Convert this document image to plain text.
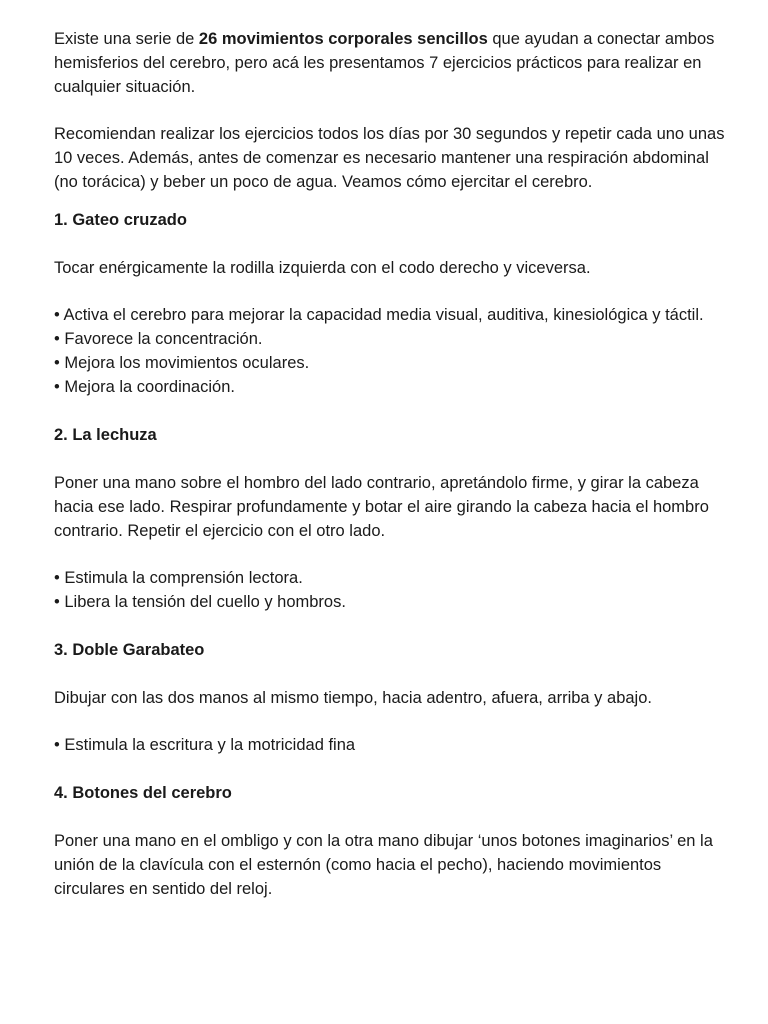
Existe una serie de 26 movimientos corporales sencillos que ayudan a conectar ambos hemisferios del cerebro, pero acá les presentamos 7 ejercicios prácticos para realizar en cualquier situación.

Recomiendan realizar los ejercicios todos los días por 30 segundos y repetir cada uno unas 10 veces. Además, antes de comenzar es necesario mantener una respiración abdominal (no torácica) y beber un poco de agua. Veamos cómo ejercitar el cerebro.

1. Gateo cruzado

Tocar enérgicamente la rodilla izquierda con el codo derecho y viceversa.

• Activa el cerebro para mejorar la capacidad media visual, auditiva, kinesiológica y táctil.
• Favorece la concentración.
• Mejora los movimientos oculares.
• Mejora la coordinación.

2. La lechuza

Poner una mano sobre el hombro del lado contrario, apretándolo firme, y girar la cabeza hacia ese lado. Respirar profundamente y botar el aire girando la cabeza hacia el hombro contrario. Repetir el ejercicio con el otro lado.

• Estimula la comprensión lectora.
• Libera la tensión del cuello y hombros.

3. Doble Garabateo

Dibujar con las dos manos al mismo tiempo, hacia adentro, afuera, arriba y abajo.

• Estimula la escritura y la motricidad fina

4. Botones del cerebro

Poner una mano en el ombligo y con la otra mano dibujar ‘unos botones imaginarios’ en la unión de la clavícula con el esternón (como hacia el pecho), haciendo movimientos circulares en sentido del reloj.
